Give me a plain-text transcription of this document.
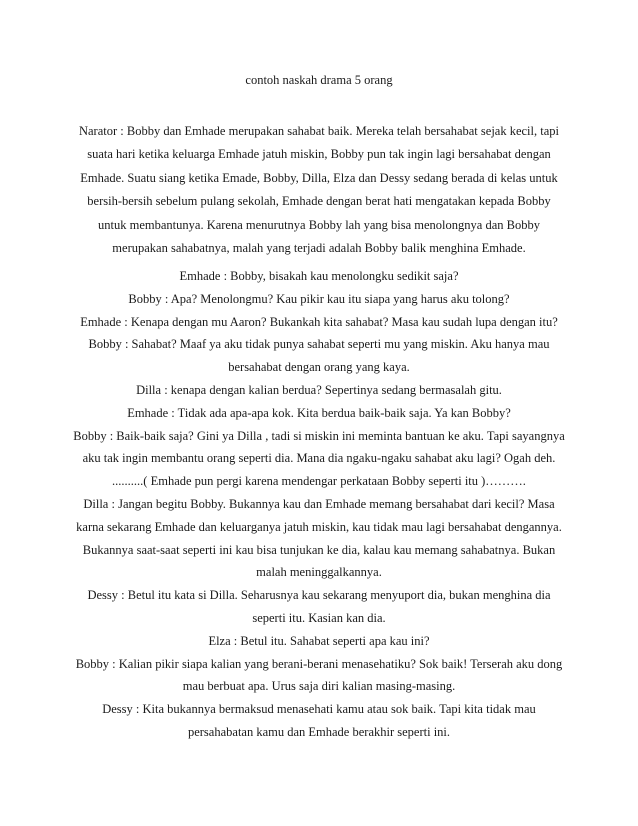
contoh naskah drama 5 orang
Narator : Bobby dan Emhade merupakan sahabat baik. Mereka telah bersahabat sejak kecil, tapi suata hari ketika keluarga Emhade jatuh miskin, Bobby pun tak ingin lagi bersahabat dengan Emhade. Suatu siang ketika Emade, Bobby, Dilla, Elza dan Dessy sedang berada di kelas untuk bersih-bersih sebelum pulang sekolah, Emhade dengan berat hati mengatakan kepada Bobby untuk membantunya. Karena menurutnya Bobby lah yang bisa menolongnya dan Bobby merupakan sahabatnya, malah yang terjadi adalah Bobby balik menghina Emhade.
Emhade : Bobby, bisakah kau menolongku sedikit saja?
Bobby : Apa? Menolongmu? Kau pikir kau itu siapa yang harus aku tolong?
Emhade : Kenapa dengan mu Aaron? Bukankah kita sahabat? Masa kau sudah lupa dengan itu?
Bobby : Sahabat? Maaf ya aku tidak punya sahabat seperti mu yang miskin. Aku hanya mau bersahabat dengan orang yang kaya.
Dilla : kenapa dengan kalian berdua? Sepertinya sedang bermasalah gitu.
Emhade : Tidak ada apa-apa kok. Kita berdua baik-baik saja. Ya kan Bobby?
Bobby : Baik-baik saja? Gini ya Dilla , tadi si miskin ini meminta bantuan ke aku. Tapi sayangnya aku tak ingin membantu orang seperti dia. Mana dia ngaku-ngaku sahabat aku lagi? Ogah deh.
..........( Emhade pun pergi karena mendengar perkataan Bobby seperti itu )……….
Dilla : Jangan begitu Bobby. Bukannya kau dan Emhade memang bersahabat dari kecil? Masa karna sekarang Emhade dan keluarganya jatuh miskin, kau tidak mau lagi bersahabat dengannya. Bukannya saat-saat seperti ini kau bisa tunjukan ke dia, kalau kau memang sahabatnya. Bukan malah meninggalkannya.
Dessy : Betul itu kata si Dilla. Seharusnya kau sekarang menyuport dia, bukan menghina dia seperti itu. Kasian kan dia.
Elza : Betul itu. Sahabat seperti apa kau ini?
Bobby : Kalian pikir siapa kalian yang berani-berani menasehatiku? Sok baik! Terserah aku dong mau berbuat apa. Urus saja diri kalian masing-masing.
Dessy : Kita bukannya bermaksud menasehati kamu atau sok baik. Tapi kita tidak mau persahabatan kamu dan Emhade berakhir seperti ini.
